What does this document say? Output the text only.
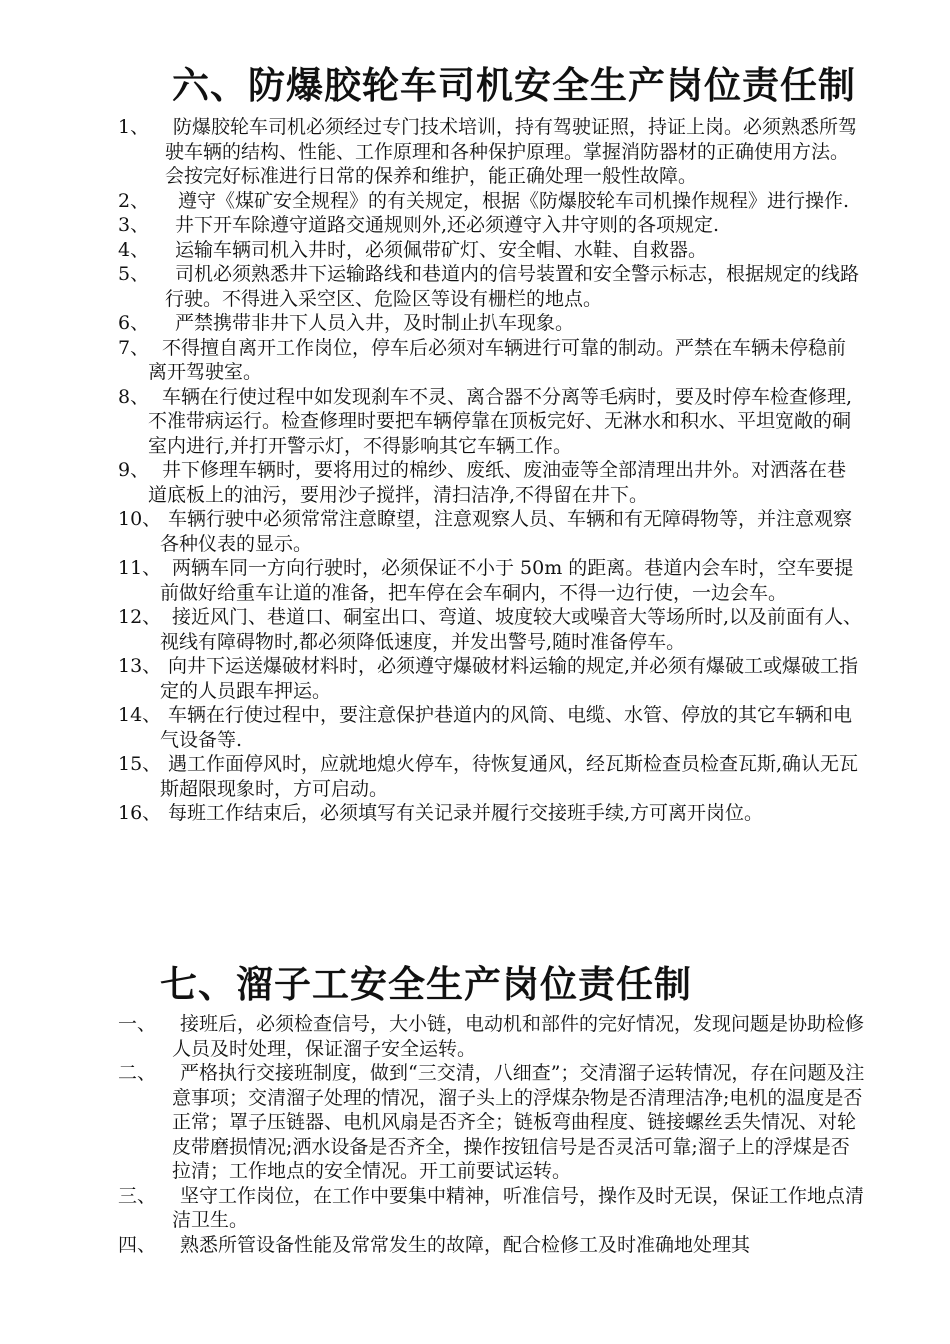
六、防爆胶轮车司机安全生产岗位责任制
1、	防爆胶轮车司机必须经过专门技术培训，持有驾驶证照，持证上岗。必须熟悉所驾驶车辆的结构、性能、工作原理和各种保护原理。掌握消防器材的正确使用方法。会按完好标准进行日常的保养和维护，能正确处理一般性故障。
2、	遵守《煤矿安全规程》的有关规定，根据《防爆胶轮车司机操作规程》进行操作.
3、	井下开车除遵守道路交通规则外,还必须遵守入井守则的各项规定.
4、	运输车辆司机入井时，必须佩带矿灯、安全帽、水鞋、自救器。
5、	司机必须熟悉井下运输路线和巷道内的信号装置和安全警示标志，根据规定的线路行驶。不得进入采空区、危险区等设有栅栏的地点。
6、	严禁携带非井下人员入井，及时制止扒车现象。
7、 不得擅自离开工作岗位，停车后必须对车辆进行可靠的制动。严禁在车辆未停稳前离开驾驶室。
8、 车辆在行使过程中如发现刹车不灵、离合器不分离等毛病时，要及时停车检查修理,不准带病运行。检查修理时要把车辆停靠在顶板完好、无淋水和积水、平坦宽敞的硐室内进行,并打开警示灯，不得影响其它车辆工作。
9、 井下修理车辆时，要将用过的棉纱、废纸、废油壶等全部清理出井外。对洒落在巷道底板上的油污，要用沙子搅拌，清扫洁净,不得留在井下。
10、 车辆行驶中必须常常注意瞭望，注意观察人员、车辆和有无障碍物等，并注意观察各种仪表的显示。
11、 两辆车同一方向行驶时，必须保证不小于 50m 的距离。巷道内会车时，空车要提前做好给重车让道的准备，把车停在会车硐内，不得一边行使，一边会车。
12、 接近风门、巷道口、硐室出口、弯道、坡度较大或噪音大等场所时,以及前面有人、视线有障碍物时,都必须降低速度，并发出警号,随时准备停车。
13、 向井下运送爆破材料时，必须遵守爆破材料运输的规定,并必须有爆破工或爆破工指定的人员跟车押运。
14、 车辆在行使过程中，要注意保护巷道内的风筒、电缆、水管、停放的其它车辆和电气设备等.
15、 遇工作面停风时，应就地熄火停车，待恢复通风，经瓦斯检查员检查瓦斯,确认无瓦斯超限现象时，方可启动。
16、 每班工作结束后，必须填写有关记录并履行交接班手续,方可离开岗位。
七、溜子工安全生产岗位责任制
一、	接班后，必须检查信号，大小链，电动机和部件的完好情况，发现问题是协助检修人员及时处理，保证溜子安全运转。
二、	严格执行交接班制度，做到“三交清，八细查”；交清溜子运转情况，存在问题及注意事项；交清溜子处理的情况，溜子头上的浮煤杂物是否清理洁净;电机的温度是否正常；罩子压链器、电机风扇是否齐全；链板弯曲程度、链接螺丝丢失情况、对轮皮带磨损情况;洒水设备是否齐全，操作按钮信号是否灵活可靠;溜子上的浮煤是否拉清；工作地点的安全情况。开工前要试运转。
三、	坚守工作岗位，在工作中要集中精神，听准信号，操作及时无误，保证工作地点清洁卫生。
四、	熟悉所管设备性能及常常发生的故障，配合检修工及时准确地处理其
